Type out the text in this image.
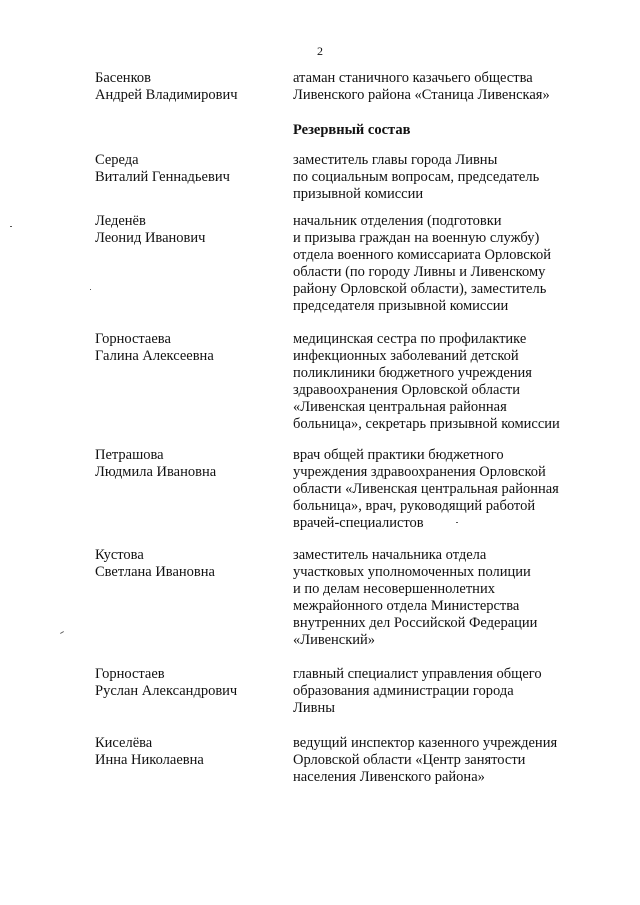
2
Басенков
Андрей Владимирович
атаман станичного казачьего общества
Ливенского района «Станица Ливенская»
Резервный состав
Середа
Виталий Геннадьевич
заместитель главы города Ливны
по социальным вопросам, председатель
призывной комиссии
Леденёв
Леонид Иванович
начальник отделения (подготовки
и призыва граждан на военную службу)
отдела военного комиссариата Орловской
области (по городу Ливны и Ливенскому
району Орловской области), заместитель
председателя призывной комиссии
Горностаева
Галина Алексеевна
медицинская сестра по профилактике
инфекционных заболеваний детской
поликлиники бюджетного учреждения
здравоохранения Орловской области
«Ливенская центральная районная
больница», секретарь призывной комиссии
Петрашова
Людмила Ивановна
врач общей практики бюджетного
учреждения здравоохранения Орловской
области «Ливенская центральная районная
больница», врач, руководящий работой
врачей-специалистов
Кустова
Светлана Ивановна
заместитель начальника отдела
участковых уполномоченных полиции
и по делам несовершеннолетних
межрайонного отдела Министерства
внутренних дел Российской Федерации
«Ливенский»
Горностаев
Руслан Александрович
главный специалист управления общего
образования администрации города
Ливны
Киселёва
Инна Николаевна
ведущий инспектор казенного учреждения
Орловской области «Центр занятости
населения Ливенского района»
